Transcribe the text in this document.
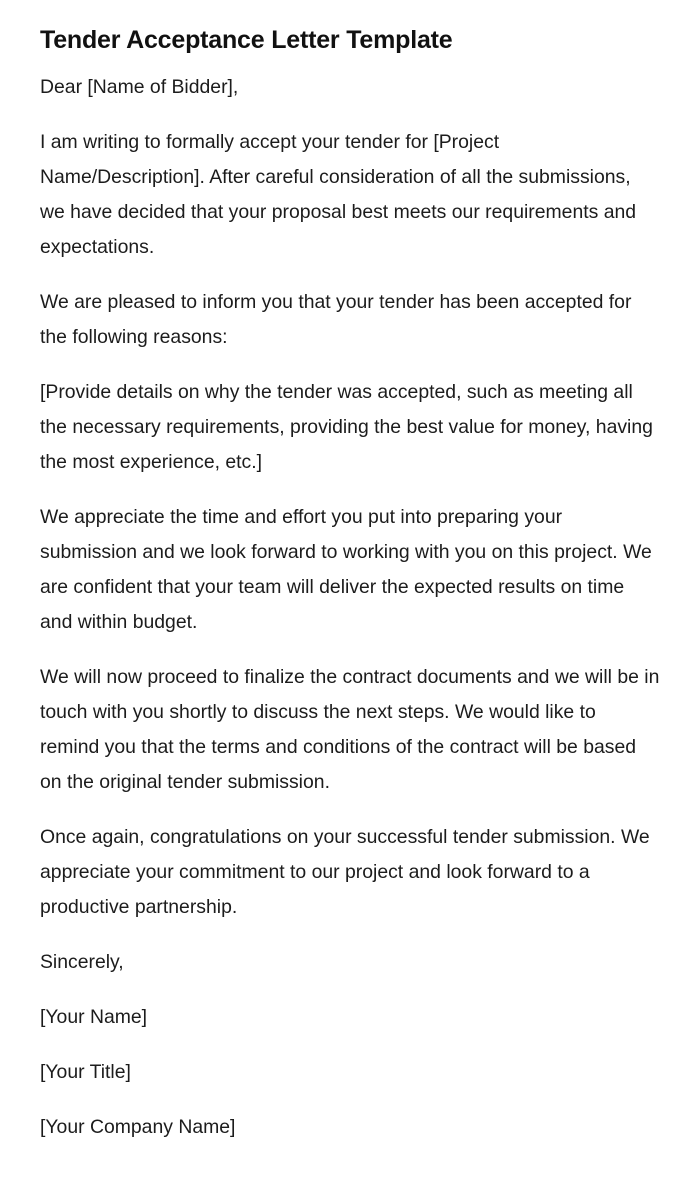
Tender Acceptance Letter Template

Dear [Name of Bidder],

I am writing to formally accept your tender for [Project Name/Description]. After careful consideration of all the submissions, we have decided that your proposal best meets our requirements and expectations.

We are pleased to inform you that your tender has been accepted for the following reasons:

[Provide details on why the tender was accepted, such as meeting all the necessary requirements, providing the best value for money, having the most experience, etc.]

We appreciate the time and effort you put into preparing your submission and we look forward to working with you on this project. We are confident that your team will deliver the expected results on time and within budget.

We will now proceed to finalize the contract documents and we will be in touch with you shortly to discuss the next steps. We would like to remind you that the terms and conditions of the contract will be based on the original tender submission.

Once again, congratulations on your successful tender submission. We appreciate your commitment to our project and look forward to a productive partnership.

Sincerely,

[Your Name]

[Your Title]

[Your Company Name]
